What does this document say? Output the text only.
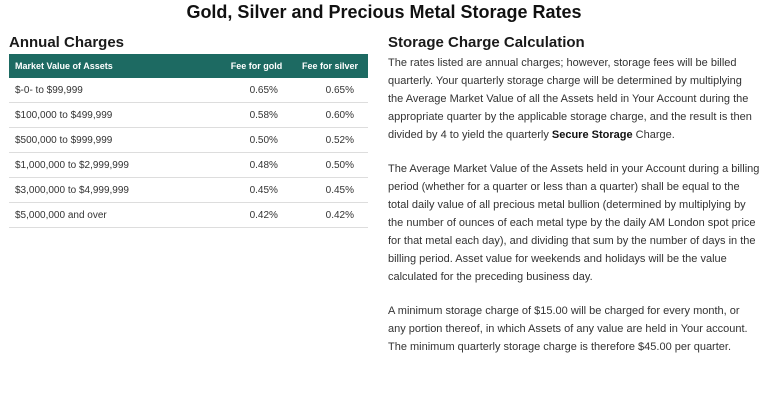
Gold, Silver and Precious Metal Storage Rates
Annual Charges
Market Value of Assets	Fee for gold	Fee for silver
$-0- to $99,999	0.65%	0.65%
$100,000 to $499,999	0.58%	0.60%
$500,000 to $999,999	0.50%	0.52%
$1,000,000 to $2,999,999	0.48%	0.50%
$3,000,000 to $4,999,999	0.45%	0.45%
$5,000,000 and over	0.42%	0.42%
Storage Charge Calculation

The rates listed are annual charges; however, storage fees will be billed quarterly. Your quarterly storage charge will be determined by multiplying the Average Market Value of all the Assets held in Your Account during the appropriate quarter by the applicable storage charge, and the result is then divided by 4 to yield the quarterly Secure Storage Charge.

The Average Market Value of the Assets held in your Account during a billing period (whether for a quarter or less than a quarter) shall be equal to the total daily value of all precious metal bullion (determined by multiplying by the number of ounces of each metal type by the daily AM London spot price for that metal each day), and dividing that sum by the number of days in the billing period. Asset value for weekends and holidays will be the value calculated for the preceding business day.

A minimum storage charge of $15.00 will be charged for every month, or any portion thereof, in which Assets of any value are held in Your account. The minimum quarterly storage charge is therefore $45.00 per quarter.
